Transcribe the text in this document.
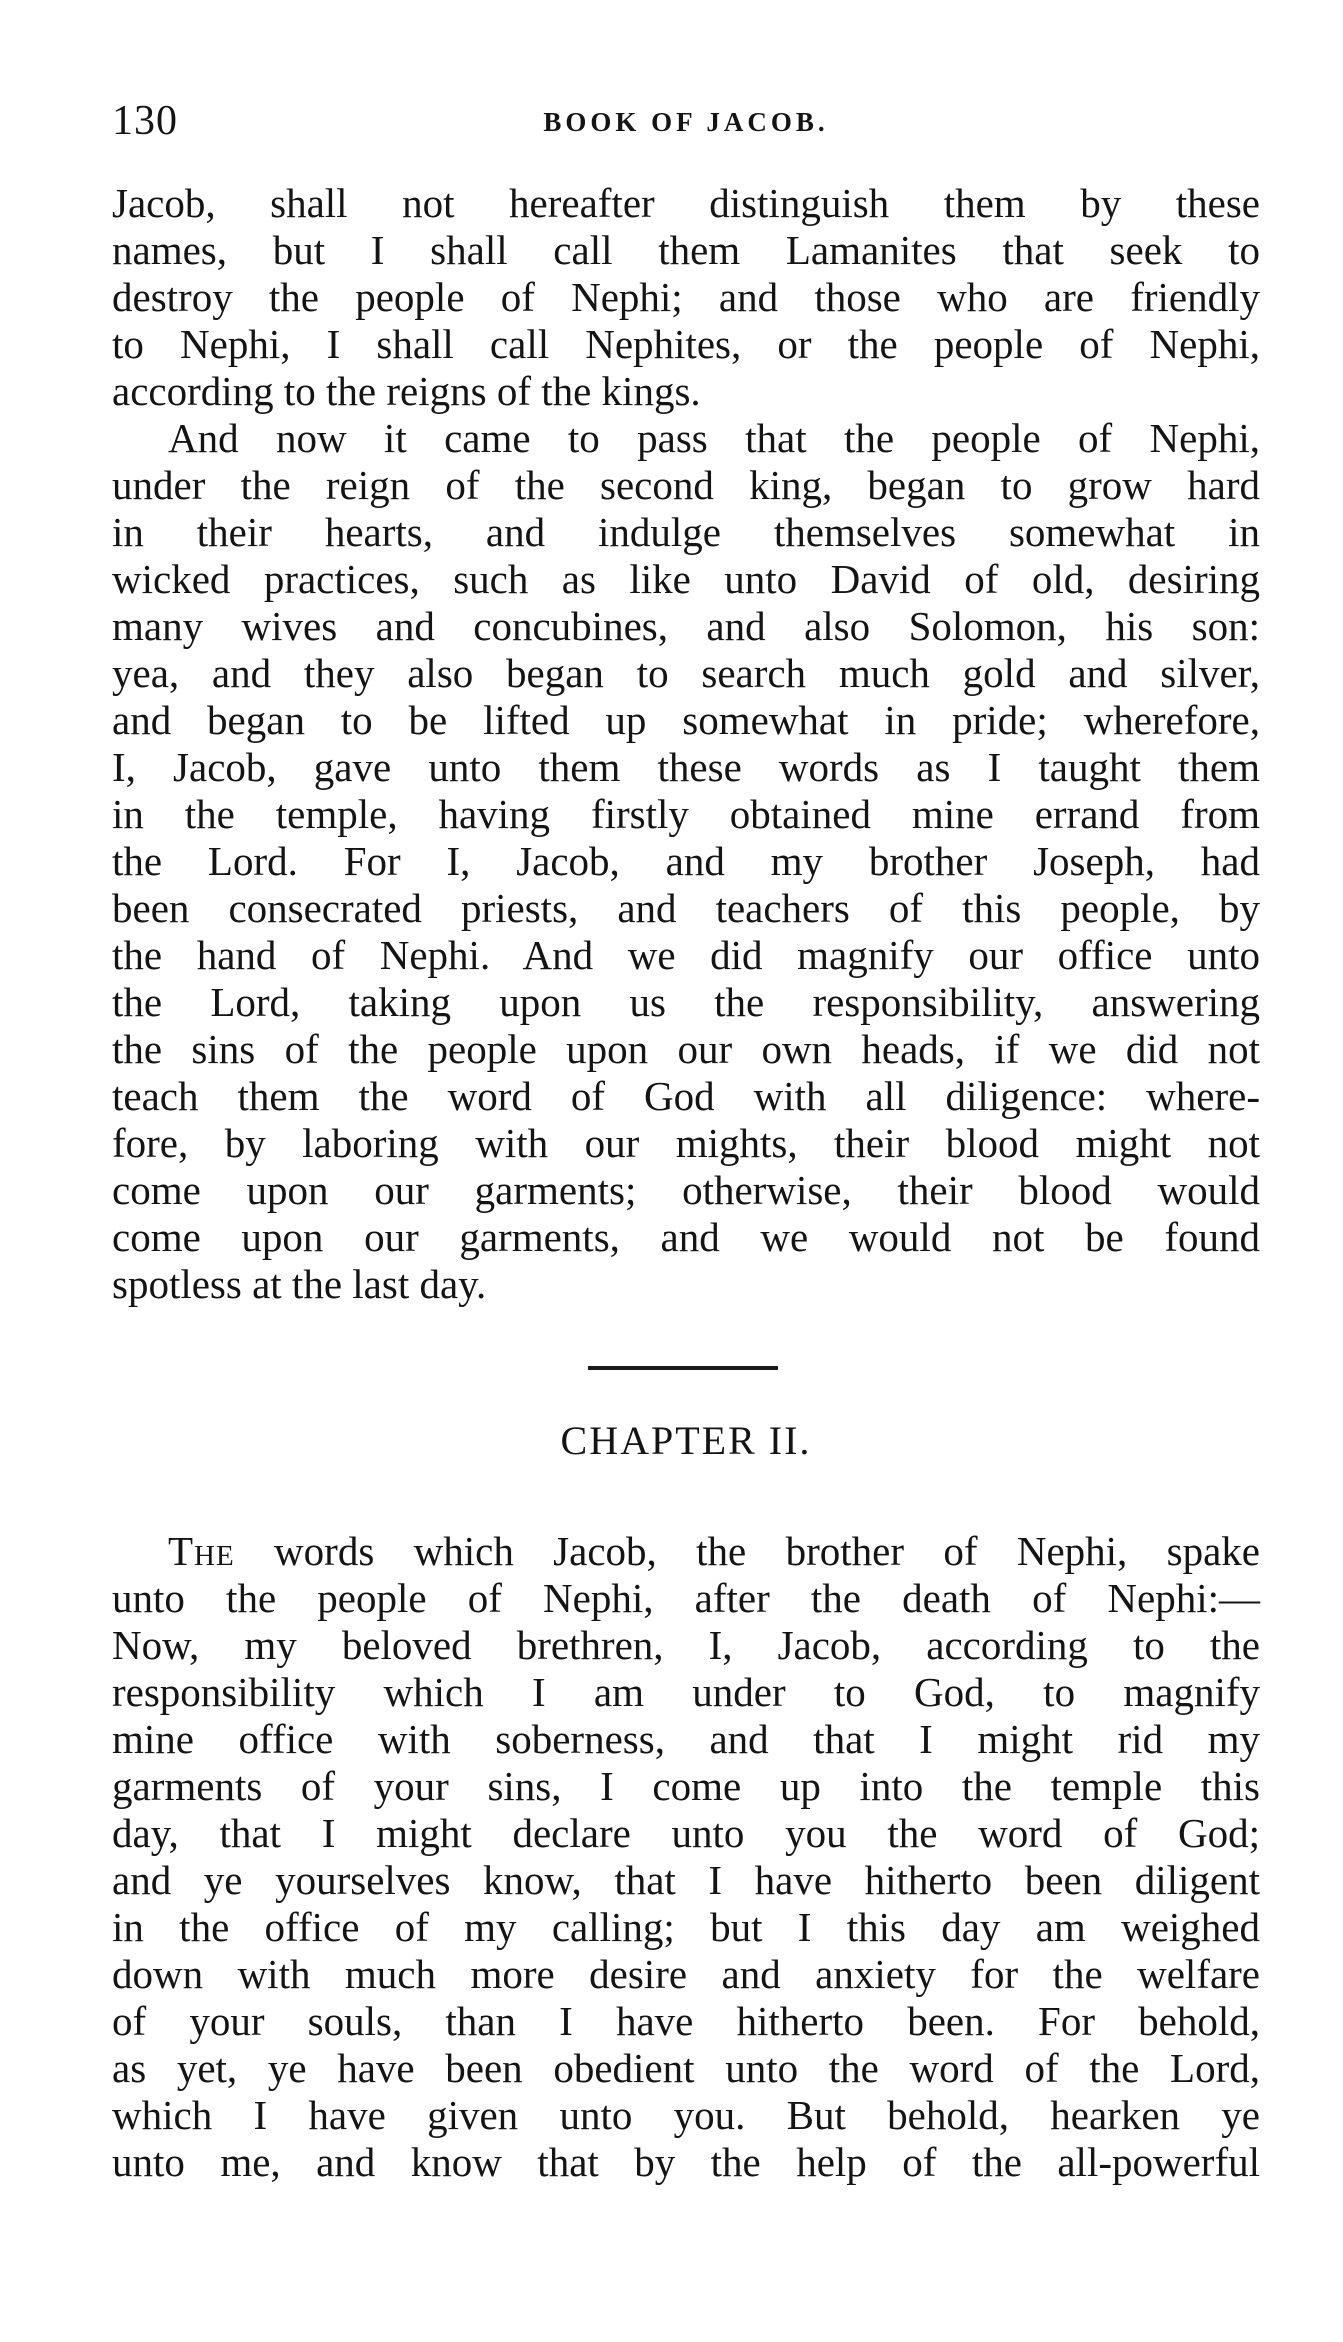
130	BOOK OF JACOB.
Jacob, shall not hereafter distinguish them by these
names, but I shall call them Lamanites that seek to
destroy the people of Nephi; and those who are friendly
to Nephi, I shall call Nephites, or the people of Nephi,
according to the reigns of the kings.
And now it came to pass that the people of Nephi,
under the reign of the second king, began to grow hard
in their hearts, and indulge themselves somewhat in
wicked practices, such as like unto David of old, desiring
many wives and concubines, and also Solomon, his son:
yea, and they also began to search much gold and silver,
and began to be lifted up somewhat in pride; wherefore,
I, Jacob, gave unto them these words as I taught them
in the temple, having firstly obtained mine errand from
the Lord. For I, Jacob, and my brother Joseph, had
been consecrated priests, and teachers of this people, by
the hand of Nephi. And we did magnify our office unto
the Lord, taking upon us the responsibility, answering
the sins of the people upon our own heads, if we did not
teach them the word of God with all diligence: where-
fore, by laboring with our mights, their blood might not
come upon our garments; otherwise, their blood would
come upon our garments, and we would not be found
spotless at the last day.
CHAPTER II.
The words which Jacob, the brother of Nephi, spake
unto the people of Nephi, after the death of Nephi:—
Now, my beloved brethren, I, Jacob, according to the
responsibility which I am under to God, to magnify
mine office with soberness, and that I might rid my
garments of your sins, I come up into the temple this
day, that I might declare unto you the word of God;
and ye yourselves know, that I have hitherto been diligent
in the office of my calling; but I this day am weighed
down with much more desire and anxiety for the welfare
of your souls, than I have hitherto been. For behold,
as yet, ye have been obedient unto the word of the Lord,
which I have given unto you. But behold, hearken ye
unto me, and know that by the help of the all-powerful
